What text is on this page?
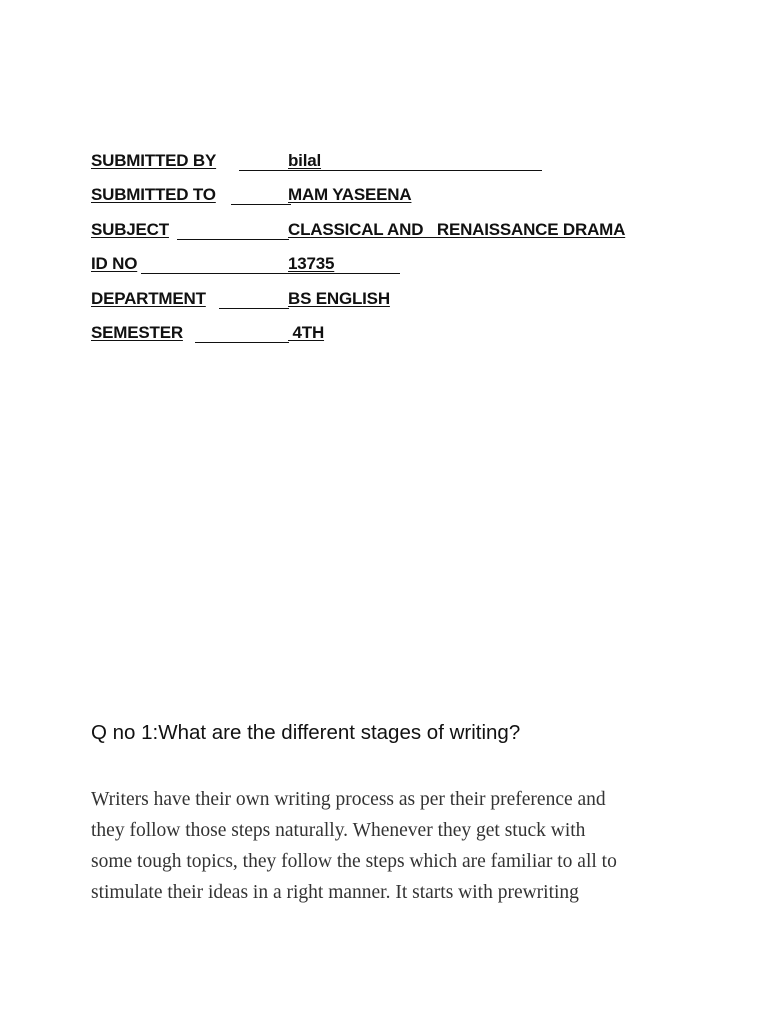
SUBMITTED BY

	bilal

SUBMITTED TO

	MAM YASEENA

SUBJECT

	CLASSICAL AND   RENAISSANCE DRAMA

ID NO

	13735

DEPARTMENT

	BS ENGLISH

SEMESTER

	4TH

Q no 1:What are the different stages of writing?

Writers have their own writing process as per their preference and
they follow those steps naturally. Whenever they get stuck with
some tough topics, they follow the steps which are familiar to all to
stimulate their ideas in a right manner. It starts with prewriting
